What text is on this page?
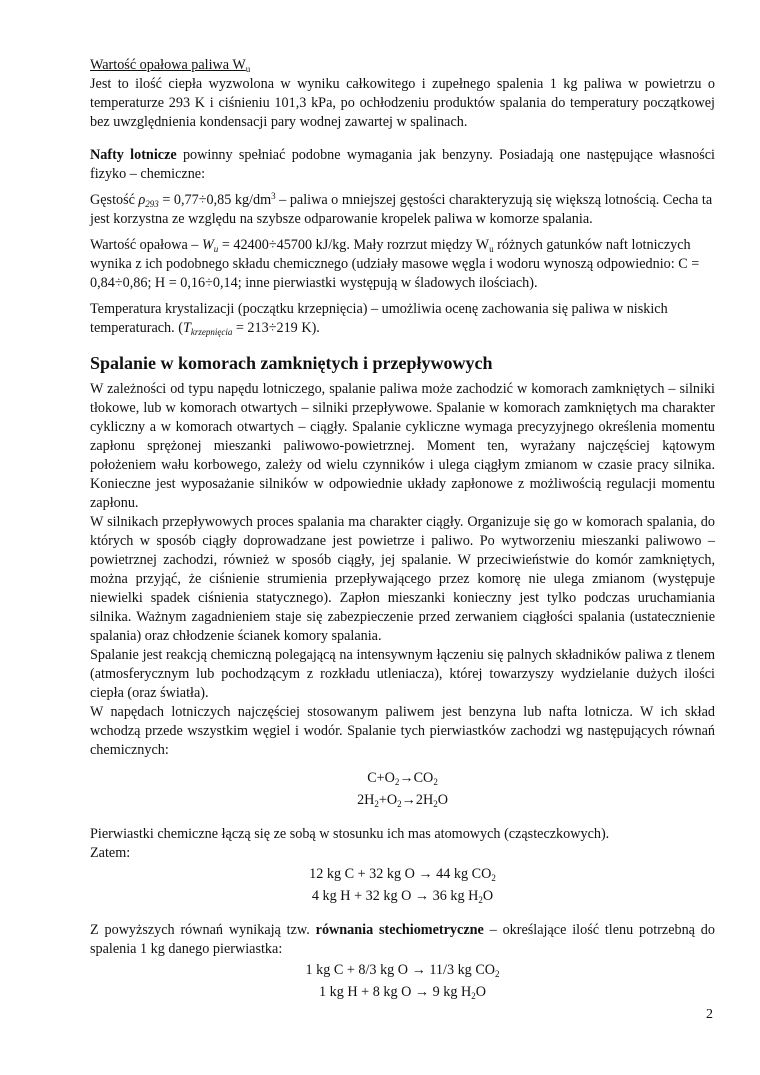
Wartość opałowa paliwa $W_u$

Jest to ilość ciepła wyzwolona w wyniku całkowitego i zupełnego spalenia 1 kg paliwa w powietrzu o temperaturze 293 K i ciśnieniu 101,3 kPa, po ochłodzeniu produktów spalania do temperatury początkowej bez uwzględnienia kondensacji pary wodnej zawartej w spalinach.

Nafty lotnicze powinny spełniać podobne wymagania jak benzyny. Posiadają one następujące własności fizyko – chemiczne:

Gęstość $\rho_{293} = 0,77\div 0,85$ $kg/dm^3$ – paliwa o mniejszej gęstości charakteryzują się większą lotnością. Cecha ta jest korzystna ze względu na szybsze odparowanie kropelek paliwa w komorze spalania.

Wartość opałowa – $W_u = 42400\div 45700$ kJ/kg. Mały rozrzut między $W_u$ różnych gatunków naft lotniczych wynika z ich podobnego składu chemicznego (udziały masowe węgla i wodoru wynoszą odpowiednio: C = 0,84÷0,86; H = 0,16÷0,14; inne pierwiastki występują w śladowych ilościach).

Temperatura krystalizacji (początku krzepnięcia) – umożliwia ocenę zachowania się paliwa w niskich temperaturach. ($T_{krzepnięcia} = 213\div 219$ K).

Spalanie w komorach zamkniętych i przepływowych

W zależności od typu napędu lotniczego, spalanie paliwa może zachodzić w komorach zamkniętych – silniki tłokowe, lub w komorach otwartych – silniki przepływowe. Spalanie w komorach zamkniętych ma charakter cykliczny a w komorach otwartych – ciągły. Spalanie cykliczne wymaga precyzyjnego określenia momentu zapłonu sprężonej mieszanki paliwowo-powietrznej. Moment ten, wyrażany najczęściej kątowym położeniem wału korbowego, zależy od wielu czynników i ulega ciągłym zmianom w czasie pracy silnika. Konieczne jest wyposażanie silników w odpowiednie układy zapłonowe z możliwością regulacji momentu zapłonu.

W silnikach przepływowych proces spalania ma charakter ciągły. Organizuje się go w komorach spalania, do których w sposób ciągły doprowadzane jest powietrze i paliwo. Po wytworzeniu mieszanki paliwowo – powietrznej zachodzi, również w sposób ciągły, jej spalanie. W przeciwieństwie do komór zamkniętych, można przyjąć, że ciśnienie strumienia przepływającego przez komorę nie ulega zmianom (występuje niewielki spadek ciśnienia statycznego). Zapłon mieszanki konieczny jest tylko podczas uruchamiania silnika. Ważnym zagadnieniem staje się zabezpieczenie przed zerwaniem ciągłości spalania (ustatecznienie spalania) oraz chłodzenie ścianek komory spalania.

Spalanie jest reakcją chemiczną polegającą na intensywnym łączeniu się palnych składników paliwa z tlenem (atmosferycznym lub pochodzącym z rozkładu utleniacza), której towarzyszy wydzielanie dużych ilości ciepła (oraz światła).

W napędach lotniczych najczęściej stosowanym paliwem jest benzyna lub nafta lotnicza. W ich skład wchodzą przede wszystkim węgiel i wodór. Spalanie tych pierwiastków zachodzi wg następujących równań chemicznych:

$C+O_2\to CO_2$
$2H_2+O_2\to 2H_2O$

Pierwiastki chemiczne łączą się ze sobą w stosunku ich mas atomowych (cząsteczkowych).

Zatem:

12 kg C + 32 kg O → 44 kg $CO_2$
4 kg H + 32 kg O → 36 kg $H_2O$

Z powyższych równań wynikają tzw. równania stechiometryczne – określające ilość tlenu potrzebną do spalenia 1 kg danego pierwiastka:

1 kg C + 8/3 kg O → 11/3 kg $CO_2$
1 kg H + 8 kg O → 9 kg $H_2O$
2
